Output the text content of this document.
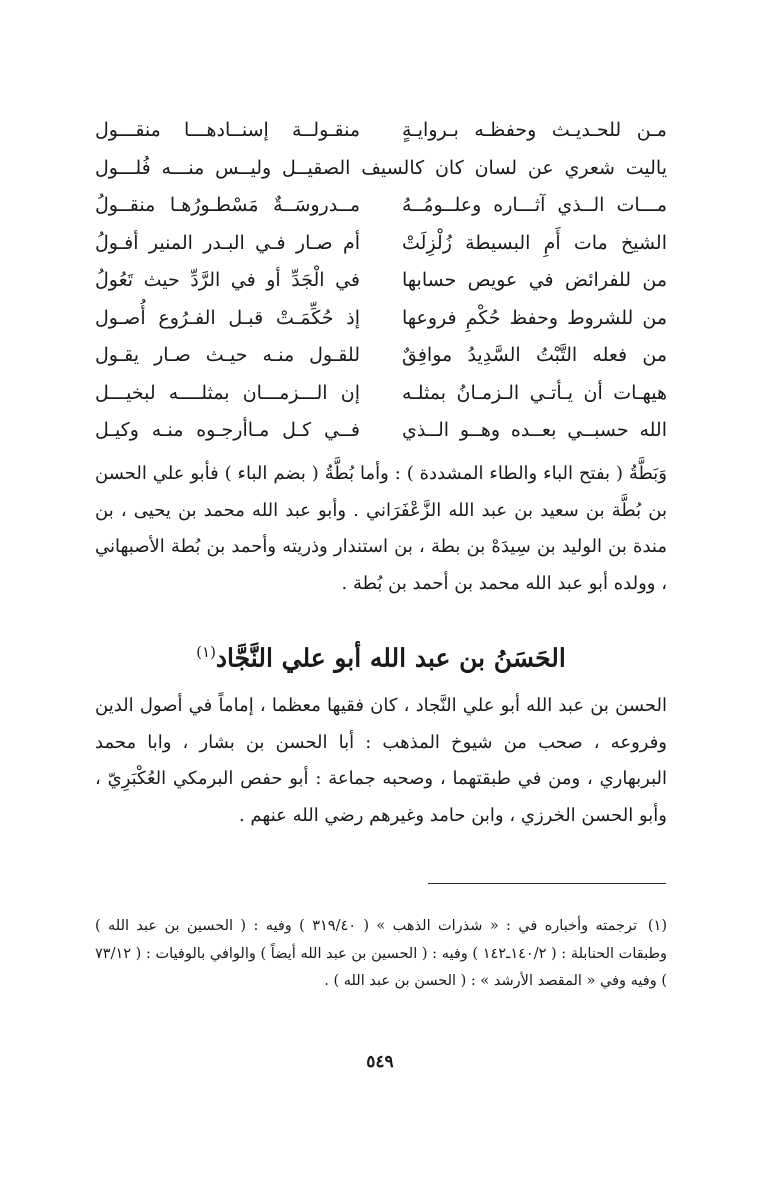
مـن للحـديـث وحفظـه بـروايـةٍ
منقـولــة إسنــادهـــا منقـــول
ياليت شعري عن لسان كان كالسيف الصقيــل وليــس منـــه فُلـــول
مـــات الــذي آثـــاره وعلــومُــهُ
مــدروسَــةٌ مَسْطـورُهـا منقــولُ
الشيخ مات أَمِ البسيطة زُلْزِلَتْ
أم صـار فـي البـدر المنير أفـولُ
من للفرائض في عويص حسابها
في الْجَدِّ أو في الرَّدِّ حيث تَعُولُ
من للشروط وحفظ حُكْمِ فروعها
إذ حُكِّمَـتْ قبـل الفـرُوع أُصـول
من فعله التَّبْتُ السَّدِيدُ موافِقٌ
للقـول منـه حيـث صـار يقـول
هيهـات أن يـأتـي الـزمـانُ بمثلـه
إن الـــزمـــان بمثلــــه لبخيـــل
الله حسبــي بعــده وهــو الــذي
فــي كـل مـاأرجـوه منـه وكيـل
وَبَطَّةُ ( بفتح الباء والطاء المشددة ) : وأما بُطَّةُ ( بضم الباء ) فأبو علي الحسن بن بُطَّة بن سعيد بن عبد الله الزَّعْفَرَاني . وأبو عبد الله محمد بن يحيى ، بن مندة بن الوليد بن سِيدَهْ بن بطة ، بن استندار وذريته وأحمد بن بُطة الأصبهاني ، وولده أبو عبد الله محمد بن أحمد بن بُطة .
الحَسَنُ بن عبد الله أبو علي النَّجَّاد$^{(١)}$
الحسن بن عبد الله أبو علي النَّجاد ، كان فقيها معظما ، إماماً في أصول الدين وفروعه ، صحب من شيوخ المذهب : أبا الحسن بن بشار ، وابا محمد البربهاري ، ومن في طبقتهما ، وصحبه جماعة : أبو حفص البرمكي العُكْبَرِيّ ، وأبو الحسن الخرزي ، وابن حامد وغيرهم رضي الله عنهم .
(١)ترجمته وأخباره في : « شذرات الذهب » ( ٣١٩/٤٠ ) وفيه : ( الحسين بن عبد الله ) وطبقات الحنابلة : ( ١٤٠/٢ـ١٤٢ ) وفيه : ( الحسين بن عبد الله أيضاً ) والوافي بالوفيات : ( ٧٣/١٢ ) وفيه وفي « المقصد الأرشد » : ( الحسن بن عبد الله ) .
٥٤٩
